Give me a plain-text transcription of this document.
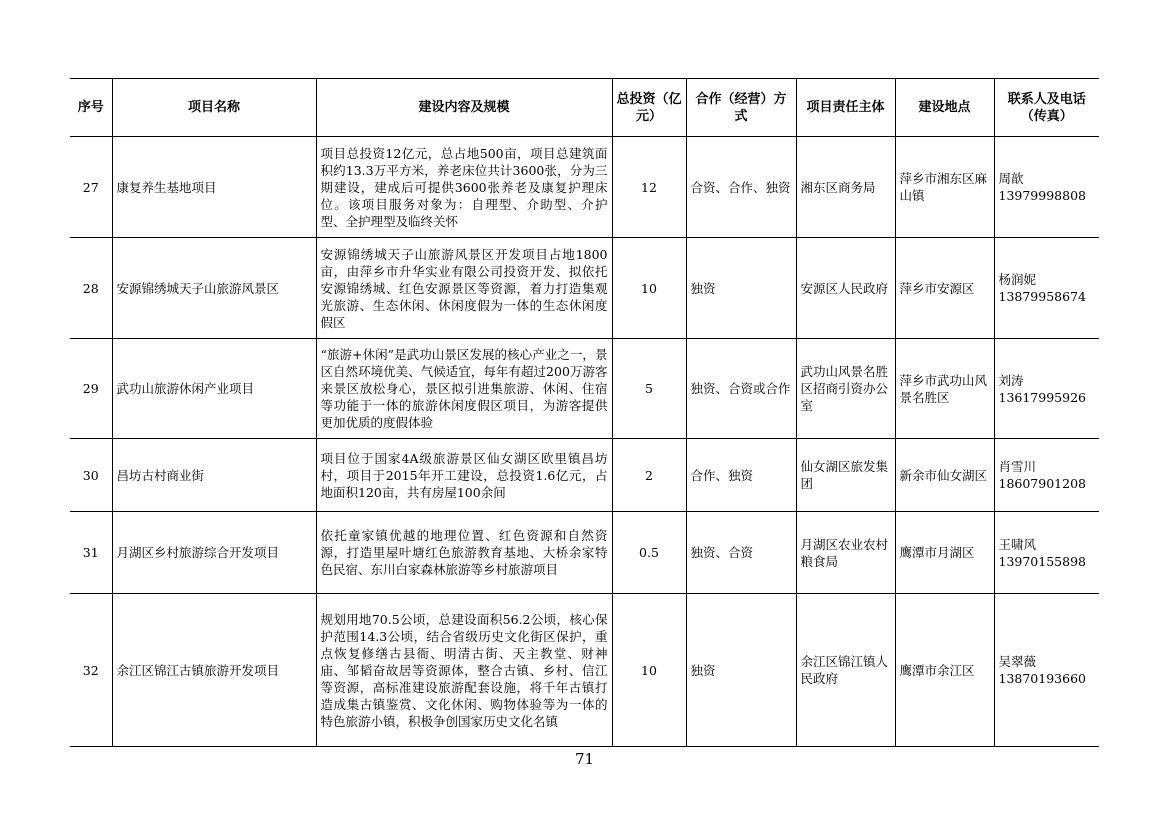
序号	项目名称	建设内容及规模	总投资（亿元）	合作（经营）方式	项目责任主体	建设地点	联系人及电话（传真）
27	康复养生基地项目	项目总投资12亿元，总占地500亩，项目总建筑面积约13.3万平方米，养老床位共计3600张，分为三期建设，建成后可提供3600张养老及康复护理床位。该项目服务对象为：自理型、介助型、介护型、全护理型及临终关怀	12	合资、合作、独资	湘东区商务局	萍乡市湘东区麻山镇	周歆
13979998808
28	安源锦绣城天子山旅游风景区	安源锦绣城天子山旅游风景区开发项目占地1800亩，由萍乡市升华实业有限公司投资开发、拟依托安源锦绣城、红色安源景区等资源，着力打造集观光旅游、生态休闲、休闲度假为一体的生态休闲度假区	10	独资	安源区人民政府	萍乡市安源区	杨润妮
13879958674
29	武功山旅游休闲产业项目	“旅游+休闲”是武功山景区发展的核心产业之一，景区自然环境优美、气候适宜，每年有超过200万游客来景区放松身心，景区拟引进集旅游、休闲、住宿等功能于一体的旅游休闲度假区项目，为游客提供更加优质的度假体验	5	独资、合资或合作	武功山风景名胜区招商引资办公室	萍乡市武功山风景名胜区	刘涛
13617995926
30	昌坊古村商业街	项目位于国家4A级旅游景区仙女湖区欧里镇昌坊村，项目于2015年开工建设，总投资1.6亿元，占地面积120亩，共有房屋100余间	2	合作、独资	仙女湖区旅发集团	新余市仙女湖区	肖雪川
18607901208
31	月湖区乡村旅游综合开发项目	依托童家镇优越的地理位置、红色资源和自然资源，打造里屋叶塘红色旅游教育基地、大桥余家特色民宿、东川白家森林旅游等乡村旅游项目	0.5	独资、合资	月湖区农业农村粮食局	鹰潭市月湖区	王啸风
13970155898
32	余江区锦江古镇旅游开发项目	规划用地70.5公顷，总建设面积56.2公顷，核心保护范围14.3公顷，结合省级历史文化街区保护，重点恢复修缮古县衙、明清古街、天主教堂、财神庙、邹韬奋故居等资源体，整合古镇、乡村、信江等资源，高标准建设旅游配套设施，将千年古镇打造成集古镇鉴赏、文化休闲、购物体验等为一体的特色旅游小镇，积极争创国家历史文化名镇	10	独资	余江区锦江镇人民政府	鹰潭市余江区	吴翠薇
13870193660
71
